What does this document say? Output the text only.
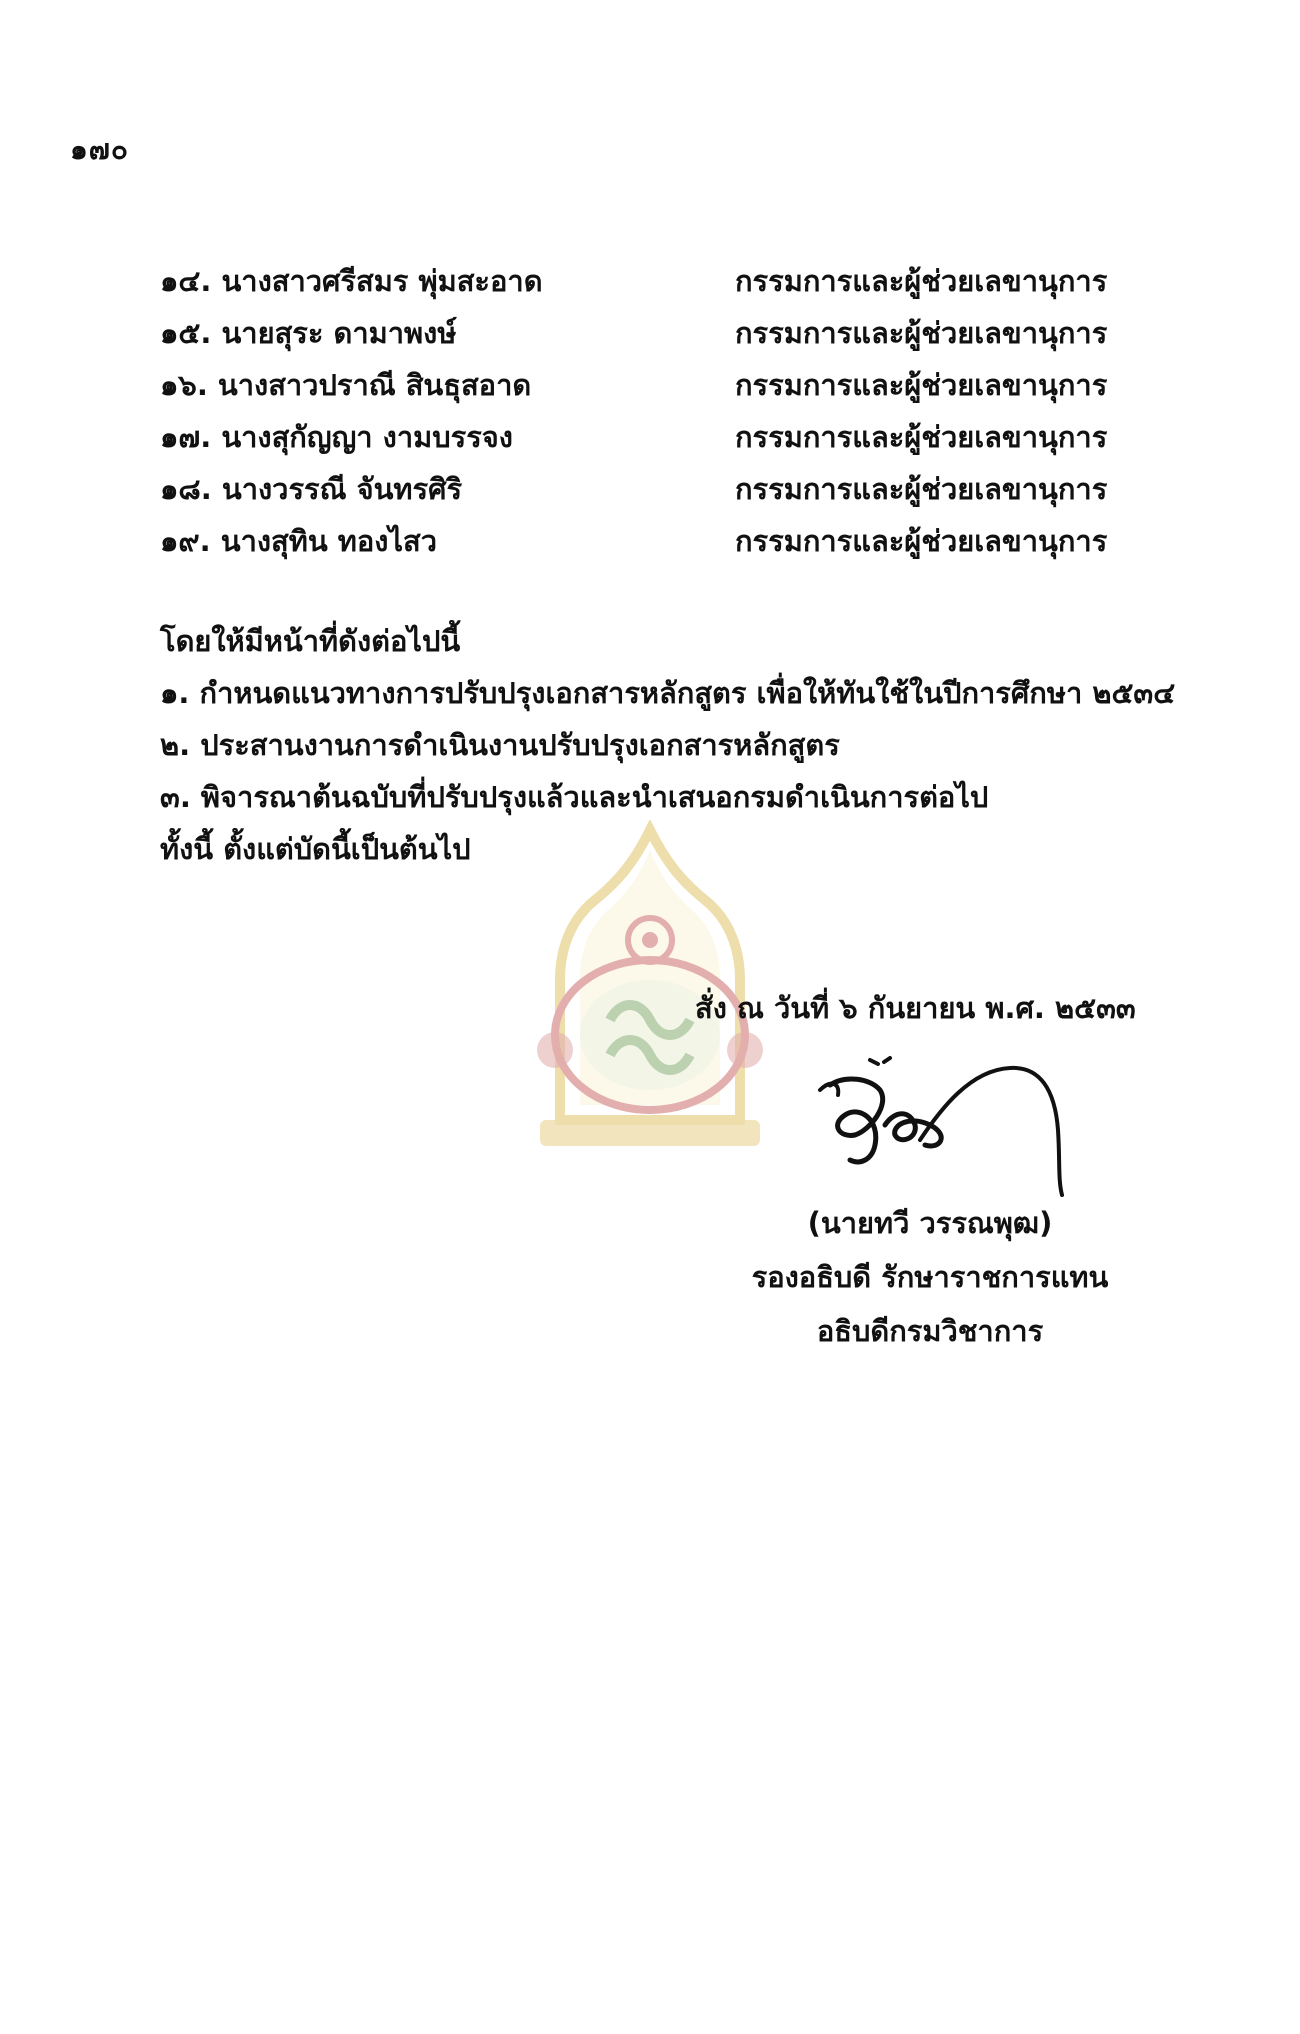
๑๗๐
๑๔. นางสาวศรีสมร พุ่มสะอาด	กรรมการและผู้ช่วยเลขานุการ
๑๕. นายสุระ ดามาพงษ์	กรรมการและผู้ช่วยเลขานุการ
๑๖. นางสาวปราณี สินธุสอาด	กรรมการและผู้ช่วยเลขานุการ
๑๗. นางสุกัญญา งามบรรจง	กรรมการและผู้ช่วยเลขานุการ
๑๘. นางวรรณี จันทรศิริ	กรรมการและผู้ช่วยเลขานุการ
๑๙. นางสุทิน ทองไสว	กรรมการและผู้ช่วยเลขานุการ
โดยให้มีหน้าที่ดังต่อไปนี้
๑. กำหนดแนวทางการปรับปรุงเอกสารหลักสูตร เพื่อให้ทันใช้ในปีการศึกษา ๒๕๓๔
๒. ประสานงานการดำเนินงานปรับปรุงเอกสารหลักสูตร
๓. พิจารณาต้นฉบับที่ปรับปรุงแล้วและนำเสนอกรมดำเนินการต่อไป
ทั้งนี้ ตั้งแต่บัดนี้เป็นต้นไป
สั่ง ณ วันที่ ๖ กันยายน พ.ศ. ๒๕๓๓
(นายทวี วรรณพุฒ)
รองอธิบดี รักษาราชการแทน
อธิบดีกรมวิชาการ
